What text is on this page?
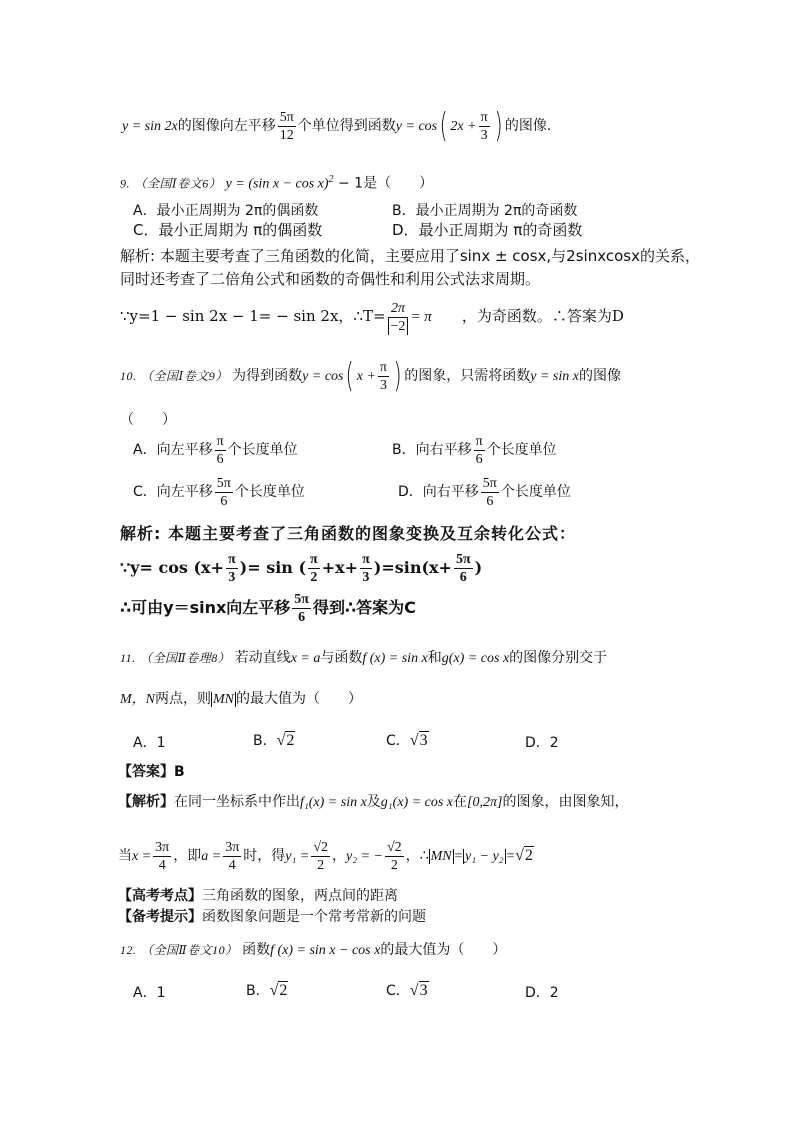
y = sin 2x的图像向左平移 $\frac{5\pi}{12}$ 个单位得到函数y = cos( $2x + \frac{\pi}{3}$ ) 的图像.
9. （全国Ⅰ卷文6） y = (sin x − cos x)$^2$ − 1是（　　）
A．最小正周期为 2π的偶函数	B．最小正周期为 2π的奇函数
C．最小正周期为 π的偶函数	D．最小正周期为 π的奇函数
解析: 本题主要考查了三角函数的化简，主要应用了sinx ± cosx,与2sinxcosx的关系，
同时还考查了二倍角公式和函数的奇偶性和利用公式法求周期。
∵y=1 − sin 2x − 1= − sin 2x，∴T= $\frac{2\pi}{-2} = \pi$ ，为奇函数。∴答案为D
10. （全国Ⅰ卷文9） 为得到函数y = cos( $x + \frac{\pi}{3}$ ) 的图象，只需将函数y = sin x的图像
（　　）
A．向左平移 $\frac{\pi}{6}$ 个长度单位	B．向右平移 $\frac{\pi}{6}$ 个长度单位
C．向左平移 $\frac{5\pi}{6}$ 个长度单位	D．向右平移 $\frac{5\pi}{6}$ 个长度单位
解析: 本题主要考查了三角函数的图象变换及互余转化公式：
∵y= $\cos (x+ \frac{\pi}{3}$ )= sin ( $\frac{\pi}{2} +x+ \frac{\pi}{3} )=\sin(x+ \frac{5\pi}{6}$ )
∴可由y＝sinx向左平移 $\frac{5\pi}{6}$ 得到∴答案为C
11. （全国Ⅱ卷理8） 若动直线x = a与函数f (x) = sin x和g(x) = cos x的图像分别交于
M，N两点，则 MN 的最大值为（　　）
A．1	B．√2	C．√3	D．2
【答案】B
【解析】在同一坐标系中作出f₁(x) = sin x及g₁(x) = cos x在[0,2π]的图象，由图象知，
当$x = \frac{3\pi}{4}$ ，即$a = \frac{3\pi}{4}$ 时，得$y_1 = \frac{√2}{2}$ ，y₂ = − $\frac{√2}{2}$ ，∴ MN = y₁ − y₂ =√2
【高考考点】三角函数的图象，两点间的距离
【备考提示】函数图象问题是一个常考常新的问题
12. （全国Ⅱ卷文10） 函数f (x) = sin x − cos x的最大值为（　　）
A．1	B．√2	C．√3	D．2
